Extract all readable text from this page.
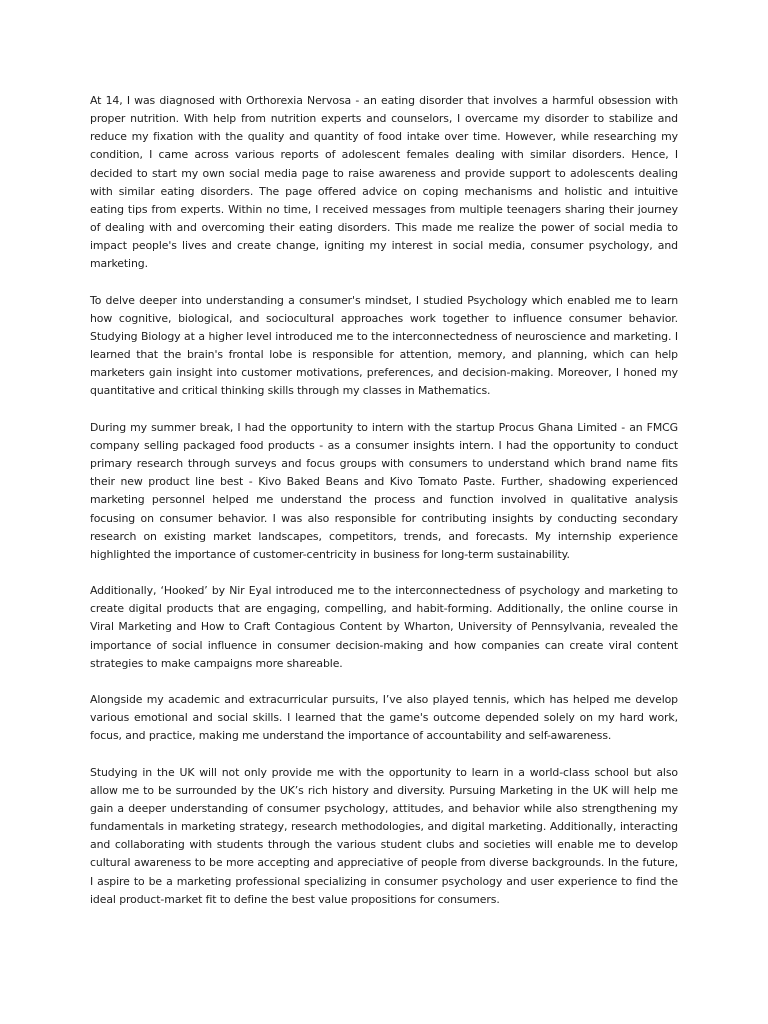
At 14, I was diagnosed with Orthorexia Nervosa - an eating disorder that involves a harmful obsession with proper nutrition. With help from nutrition experts and counselors, I overcame my disorder to stabilize and reduce my fixation with the quality and quantity of food intake over time. However, while researching my condition, I came across various reports of adolescent females dealing with similar disorders. Hence, I decided to start my own social media page to raise awareness and provide support to adolescents dealing with similar eating disorders. The page offered advice on coping mechanisms and holistic and intuitive eating tips from experts. Within no time, I received messages from multiple teenagers sharing their journey of dealing with and overcoming their eating disorders. This made me realize the power of social media to impact people's lives and create change, igniting my interest in social media, consumer psychology, and marketing.

To delve deeper into understanding a consumer's mindset, I studied Psychology which enabled me to learn how cognitive, biological, and sociocultural approaches work together to influence consumer behavior. Studying Biology at a higher level introduced me to the interconnectedness of neuroscience and marketing. I learned that the brain's frontal lobe is responsible for attention, memory, and planning, which can help marketers gain insight into customer motivations, preferences, and decision-making. Moreover, I honed my quantitative and critical thinking skills through my classes in Mathematics.

During my summer break, I had the opportunity to intern with the startup Procus Ghana Limited - an FMCG company selling packaged food products - as a consumer insights intern. I had the opportunity to conduct primary research through surveys and focus groups with consumers to understand which brand name fits their new product line best - Kivo Baked Beans and Kivo Tomato Paste. Further, shadowing experienced marketing personnel helped me understand the process and function involved in qualitative analysis focusing on consumer behavior. I was also responsible for contributing insights by conducting secondary research on existing market landscapes, competitors, trends, and forecasts. My internship experience highlighted the importance of customer-centricity in business for long-term sustainability.

Additionally, ‘Hooked’ by Nir Eyal introduced me to the interconnectedness of psychology and marketing to create digital products that are engaging, compelling, and habit-forming. Additionally, the online course in Viral Marketing and How to Craft Contagious Content by Wharton, University of Pennsylvania, revealed the importance of social influence in consumer decision-making and how companies can create viral content strategies to make campaigns more shareable.

Alongside my academic and extracurricular pursuits, I’ve also played tennis, which has helped me develop various emotional and social skills. I learned that the game's outcome depended solely on my hard work, focus, and practice, making me understand the importance of accountability and self-awareness.

Studying in the UK will not only provide me with the opportunity to learn in a world-class school but also allow me to be surrounded by the UK’s rich history and diversity. Pursuing Marketing in the UK will help me gain a deeper understanding of consumer psychology, attitudes, and behavior while also strengthening my fundamentals in marketing strategy, research methodologies, and digital marketing. Additionally, interacting and collaborating with students through the various student clubs and societies will enable me to develop cultural awareness to be more accepting and appreciative of people from diverse backgrounds. In the future, I aspire to be a marketing professional specializing in consumer psychology and user experience to find the ideal product-market fit to define the best value propositions for consumers.
